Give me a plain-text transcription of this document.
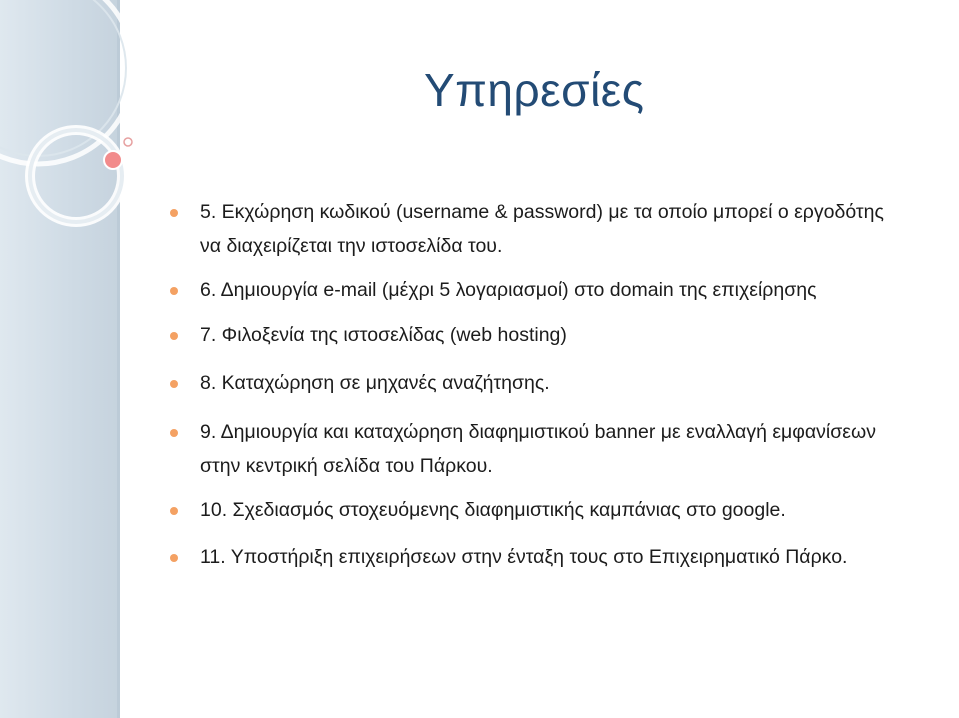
Υπηρεσίες
5. Εκχώρηση κωδικού (username & password) με τα οποίο μπορεί ο εργοδότης να διαχειρίζεται την ιστοσελίδα του.
6. Δημιουργία e-mail (μέχρι 5 λογαριασμοί) στο domain της επιχείρησης
7. Φιλοξενία της ιστοσελίδας (web hosting)
8. Καταχώρηση σε μηχανές αναζήτησης.
9. Δημιουργία και καταχώρηση διαφημιστικού banner με εναλλαγή εμφανίσεων στην κεντρική σελίδα του Πάρκου.
10. Σχεδιασμός στοχευόμενης διαφημιστικής καμπάνιας στο google.
11. Υποστήριξη επιχειρήσεων στην ένταξη τους στο Επιχειρηματικό Πάρκο.
